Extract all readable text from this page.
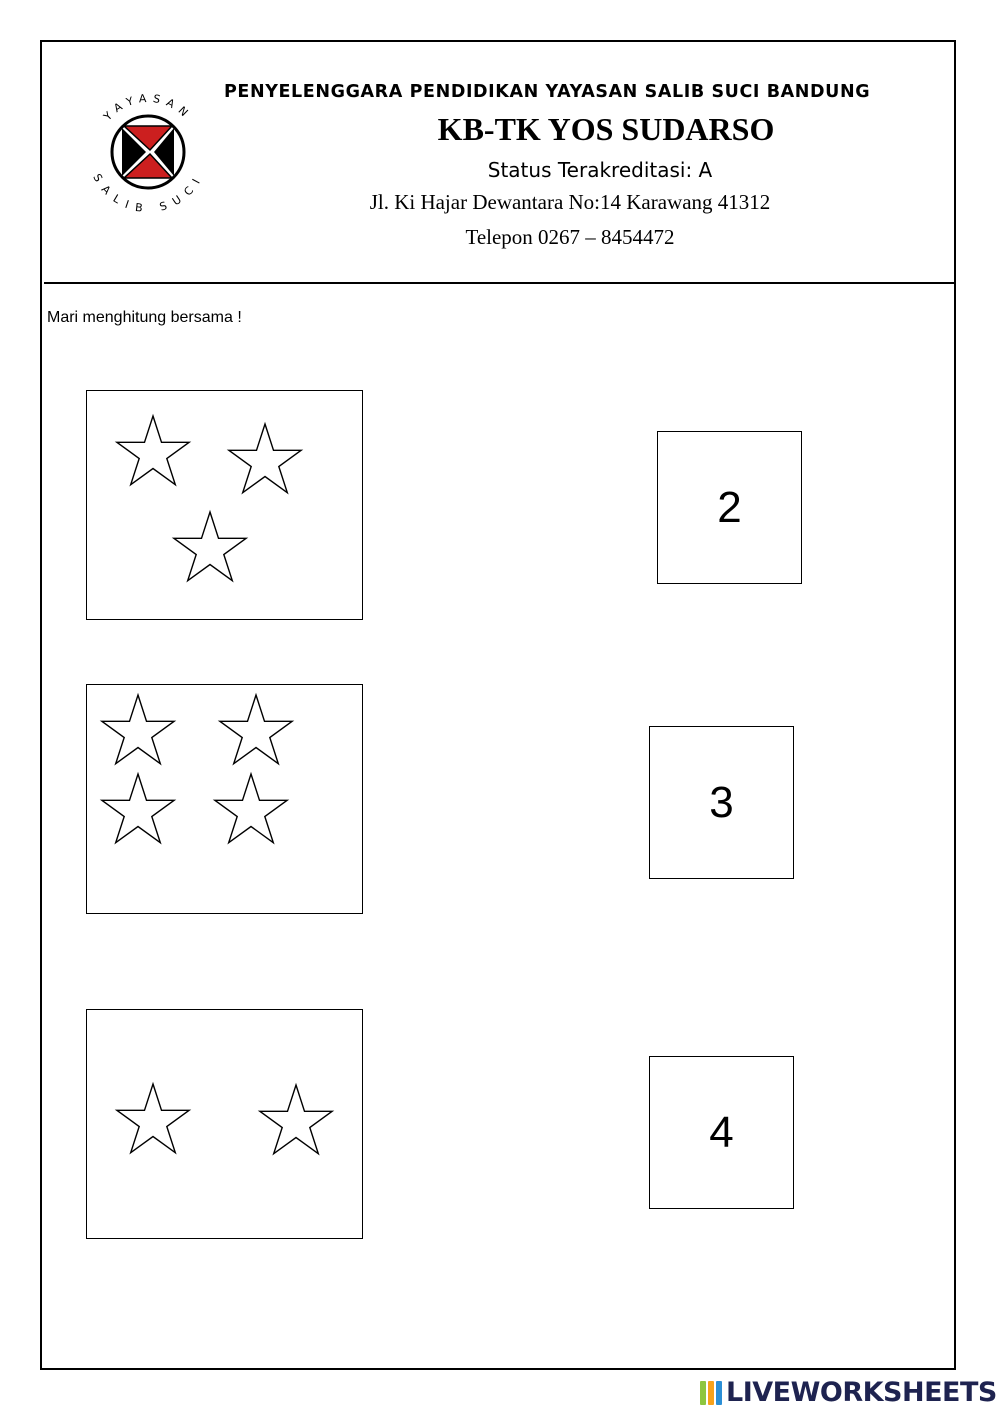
YAYASAN
SALIB SUCI
PENYELENGGARA PENDIDIKAN YAYASAN SALIB SUCI BANDUNG
KB-TK YOS SUDARSO
Status Terakreditasi: A
Jl. Ki Hajar Dewantara No:14 Karawang 41312
Telepon 0267 – 8454472
Mari menghitung bersama !
2
3
4
LIVEWORKSHEETS
